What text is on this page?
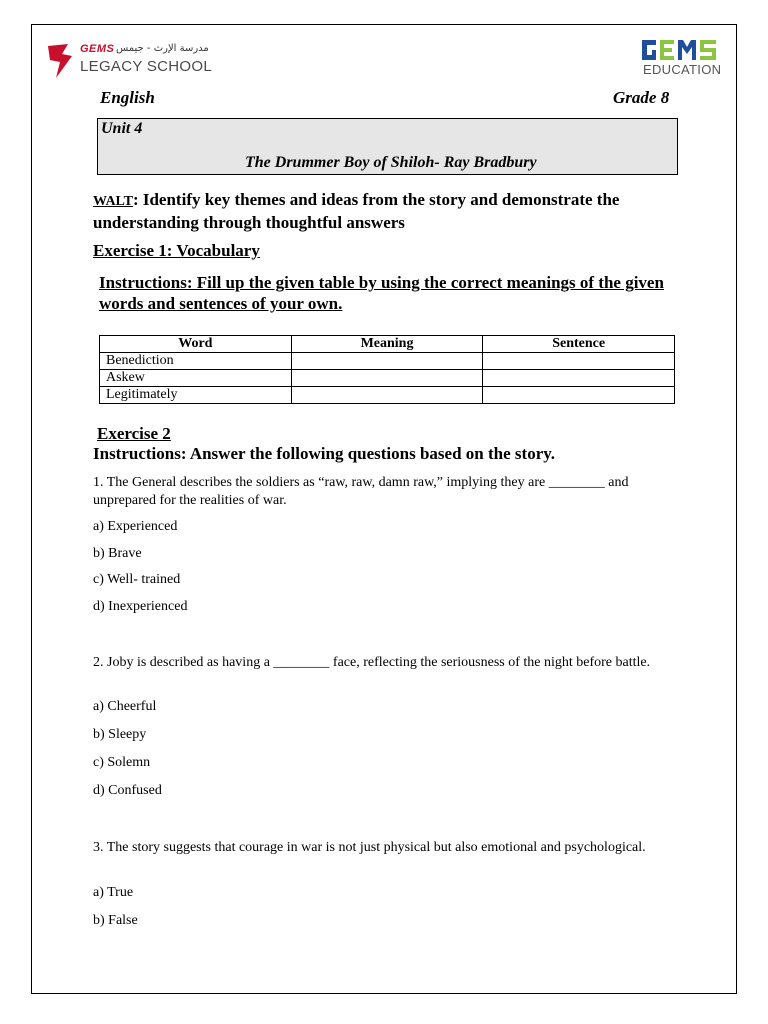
GEMS مدرسة الإرث - جيمس
LEGACY SCHOOL
GEMS
EDUCATION
English	Grade 8
Unit 4
The Drummer Boy of Shiloh- Ray Bradbury
WALT: Identify key themes and ideas from the story and demonstrate the understanding through thoughtful answers
Exercise 1: Vocabulary
Instructions: Fill up the given table by using the correct meanings of the given words and sentences of your own.
Word	Meaning	Sentence
Benediction		
Askew		
Legitimately		
Exercise 2
Instructions: Answer the following questions based on the story.
1. The General describes the soldiers as “raw, raw, damn raw,” implying they are ________ and unprepared for the realities of war.
a) Experienced
b) Brave
c) Well- trained
d) Inexperienced
2. Joby is described as having a ________ face, reflecting the seriousness of the night before battle.
a) Cheerful
b) Sleepy
c) Solemn
d) Confused
3. The story suggests that courage in war is not just physical but also emotional and psychological.
a) True
b) False
